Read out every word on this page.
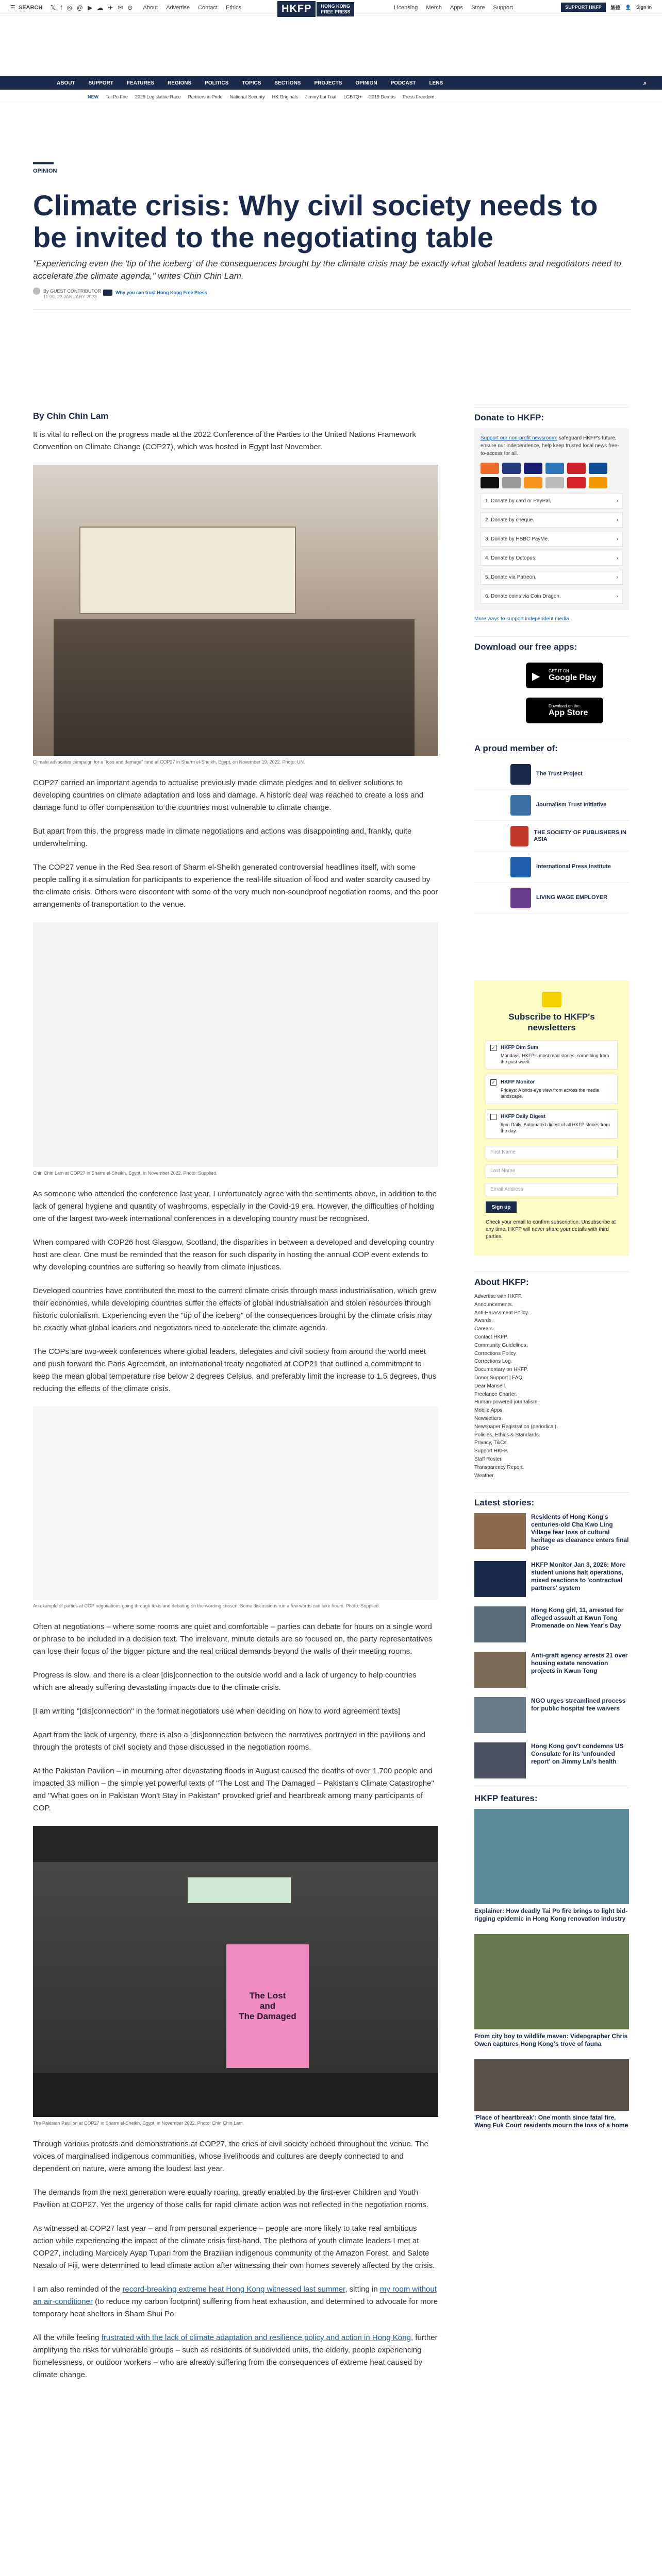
☰ SEARCH 𝕏 f ◎ @ ▶ ☁ ✈ ✉ ⊙ About Advertise Contact Ethics	Licensing Merch Apps Store Support
HKFP	HONG KONG
FREE PRESS
SUPPORT HKFP	繁體 👤 Sign in
ABOUT	SUPPORT	FEATURES	REGIONS	POLITICS	TOPICS	SECTIONS	PROJECTS	OPINION	PODCAST	LENS	⌕
NEW Tai Po Fire 2025 Legislative Race Partners in Pride National Security HK Originals Jimmy Lai Trial LGBTQ+ 2019 Demos Press Freedom
OPINION
Climate crisis: Why civil society needs to be invited to the negotiating table
"Experiencing even the 'tip of the iceberg' of the consequences brought by the climate crisis may be exactly what global leaders and negotiators need to accelerate the climate agenda," writes Chin Chin Lam.
By GUEST CONTRIBUTOR
11:00, 22 JANUARY 2023
Why you can trust Hong Kong Free Press
By Chin Chin Lam

It is vital to reflect on the progress made at the 2022 Conference of the Parties to the United Nations Framework Convention on Climate Change (COP27), which was hosted in Egypt last November.

Climate advocates campaign for a "loss and damage" fund at COP27 in Sharm el-Sheikh, Egypt, on November 19, 2022. Photo: UN.

COP27 carried an important agenda to actualise previously made climate pledges and to deliver solutions to developing countries on climate adaptation and loss and damage. A historic deal was reached to create a loss and damage fund to offer compensation to the countries most vulnerable to climate change.

But apart from this, the progress made in climate negotiations and actions was disappointing and, frankly, quite underwhelming.

The COP27 venue in the Red Sea resort of Sharm el-Sheikh generated controversial headlines itself, with some people calling it a simulation for participants to experience the real-life situation of food and water scarcity caused by the climate crisis. Others were discontent with some of the very much non-soundproof negotiation rooms, and the poor arrangements of transportation to the venue.

Chin Chin Lam at COP27 in Sharm el-Sheikh, Egypt, in November 2022. Photo: Supplied.

As someone who attended the conference last year, I unfortunately agree with the sentiments above, in addition to the lack of general hygiene and quantity of washrooms, especially in the Covid-19 era. However, the difficulties of holding one of the largest two-week international conferences in a developing country must be recognised.

When compared with COP26 host Glasgow, Scotland, the disparities in between a developed and developing country host are clear. One must be reminded that the reason for such disparity in hosting the annual COP event extends to why developing countries are suffering so heavily from climate injustices.

Developed countries have contributed the most to the current climate crisis through mass industrialisation, which grew their economies, while developing countries suffer the effects of global industrialisation and stolen resources through historic colonialism. Experiencing even the "tip of the iceberg" of the consequences brought by the climate crisis may be exactly what global leaders and negotiators need to accelerate the climate agenda.

The COPs are two-week conferences where global leaders, delegates and civil society from around the world meet and push forward the Paris Agreement, an international treaty negotiated at COP21 that outlined a commitment to keep the mean global temperature rise below 2 degrees Celsius, and preferably limit the increase to 1.5 degrees, thus reducing the effects of the climate crisis.

An example of parties at COP negotiations going through texts and debating on the wording chosen. Some discussions run a few words can take hours. Photo: Supplied.

Often at negotiations – where some rooms are quiet and comfortable – parties can debate for hours on a single word or phrase to be included in a decision text. The irrelevant, minute details are so focused on, the party representatives can lose their focus of the bigger picture and the real critical demands beyond the walls of their meeting rooms.

Progress is slow, and there is a clear [dis]connection to the outside world and a lack of urgency to help countries which are already suffering devastating impacts due to the climate crisis.

[I am writing "[dis]connection" in the format negotiators use when deciding on how to word agreement texts]

Apart from the lack of urgency, there is also a [dis]connection between the narratives portrayed in the pavilions and through the protests of civil society and those discussed in the negotiation rooms.

At the Pakistan Pavilion – in mourning after devastating floods in August caused the deaths of over 1,700 people and impacted 33 million – the simple yet powerful texts of "The Lost and The Damaged – Pakistan's Climate Catastrophe" and "What goes on in Pakistan Won't Stay in Pakistan" provoked grief and heartbreak among many participants of COP.

The Lost
and
The Damaged
The Pakistan Pavilion at COP27 in Sharm el-Sheikh, Egypt, in November 2022. Photo: Chin Chin Lam.

Through various protests and demonstrations at COP27, the cries of civil society echoed throughout the venue. The voices of marginalised indigenous communities, whose livelihoods and cultures are deeply connected to and dependent on nature, were among the loudest last year.

The demands from the next generation were equally roaring, greatly enabled by the first-ever Children and Youth Pavilion at COP27. Yet the urgency of those calls for rapid climate action was not reflected in the negotiation rooms.

As witnessed at COP27 last year – and from personal experience – people are more likely to take real ambitious action while experiencing the impact of the climate crisis first-hand. The plethora of youth climate leaders I met at COP27, including Marcicely Ayap Tupari from the Brazilian indigenous community of the Amazon Forest, and Salote Nasalo of Fiji, were determined to lead climate action after witnessing their own homes severely affected by the crisis.

I am also reminded of the record-breaking extreme heat Hong Kong witnessed last summer, sitting in my room without an air-conditioner (to reduce my carbon footprint) suffering from heat exhaustion, and determined to advocate for more temporary heat shelters in Sham Shui Po.

All the while feeling frustrated with the lack of climate adaptation and resilience policy and action in Hong Kong, further amplifying the risks for vulnerable groups – such as residents of subdivided units, the elderly, people experiencing homelessness, or outdoor workers – who are already suffering from the consequences of extreme heat caused by climate change.

Donate to HKFP:
Support our non-profit newsroom: safeguard HKFP's future, ensure our independence, help keep trusted local news free-to-access for all.
1. Donate by card or PayPal.	›
2. Donate by cheque.	›
3. Donate by HSBC PayMe.	›
4. Donate by Octopus.	›
5. Donate via Patreon.	›
6. Donate coins via Coin Dragon.	›
More ways to support independent media.
Download our free apps:
▶ GET IT ON
Google Play
Download on the
App Store
A proud member of:
The Trust Project
Journalism Trust Initiative
THE SOCIETY OF PUBLISHERS IN ASIA
International Press Institute
LIVING WAGE EMPLOYER
Subscribe to HKFP's newsletters
✓ HKFP Dim Sum
Mondays: HKFP's most read stories, something from the past week.
✓ HKFP Monitor
Fridays: A birds-eye view from across the media landscape.
HKFP Daily Digest
6pm Daily: Automated digest of all HKFP stories from the day.
First Name
Last Name
Email Address
Sign up
Check your email to confirm subscription. Unsubscribe at any time. HKFP will never share your details with third parties.
About HKFP:
Advertise with HKFP.
Announcements.
Anti-Harassment Policy.
Awards.
Careers.
Contact HKFP.
Community Guidelines.
Corrections Policy.
Corrections Log.
Documentary on HKFP.
Donor Support | FAQ.
Dear Mansell.
Freelance Charter.
Human-powered journalism.
Mobile Apps.
Newsletters.
Newspaper Registration (periodical).
Policies, Ethics & Standards.
Privacy, T&Cs.
Support HKFP.
Staff Roster.
Transparency Report.
Weather.
Latest stories:
Residents of Hong Kong's centuries-old Cha Kwo Ling Village fear loss of cultural heritage as clearance enters final phase
HKFP Monitor Jan 3, 2026: More student unions halt operations, mixed reactions to 'contractual partners' system
Hong Kong girl, 11, arrested for alleged assault at Kwun Tong Promenade on New Year's Day
Anti-graft agency arrests 21 over housing estate renovation projects in Kwun Tong
NGO urges streamlined process for public hospital fee waivers
Hong Kong gov't condemns US Consulate for its 'unfounded report' on Jimmy Lai's health
HKFP features:
Explainer: How deadly Tai Po fire brings to light bid-rigging epidemic in Hong Kong renovation industry
From city boy to wildlife maven: Videographer Chris Owen captures Hong Kong's trove of fauna
'Place of heartbreak': One month since fatal fire, Wang Fuk Court residents mourn the loss of a home
